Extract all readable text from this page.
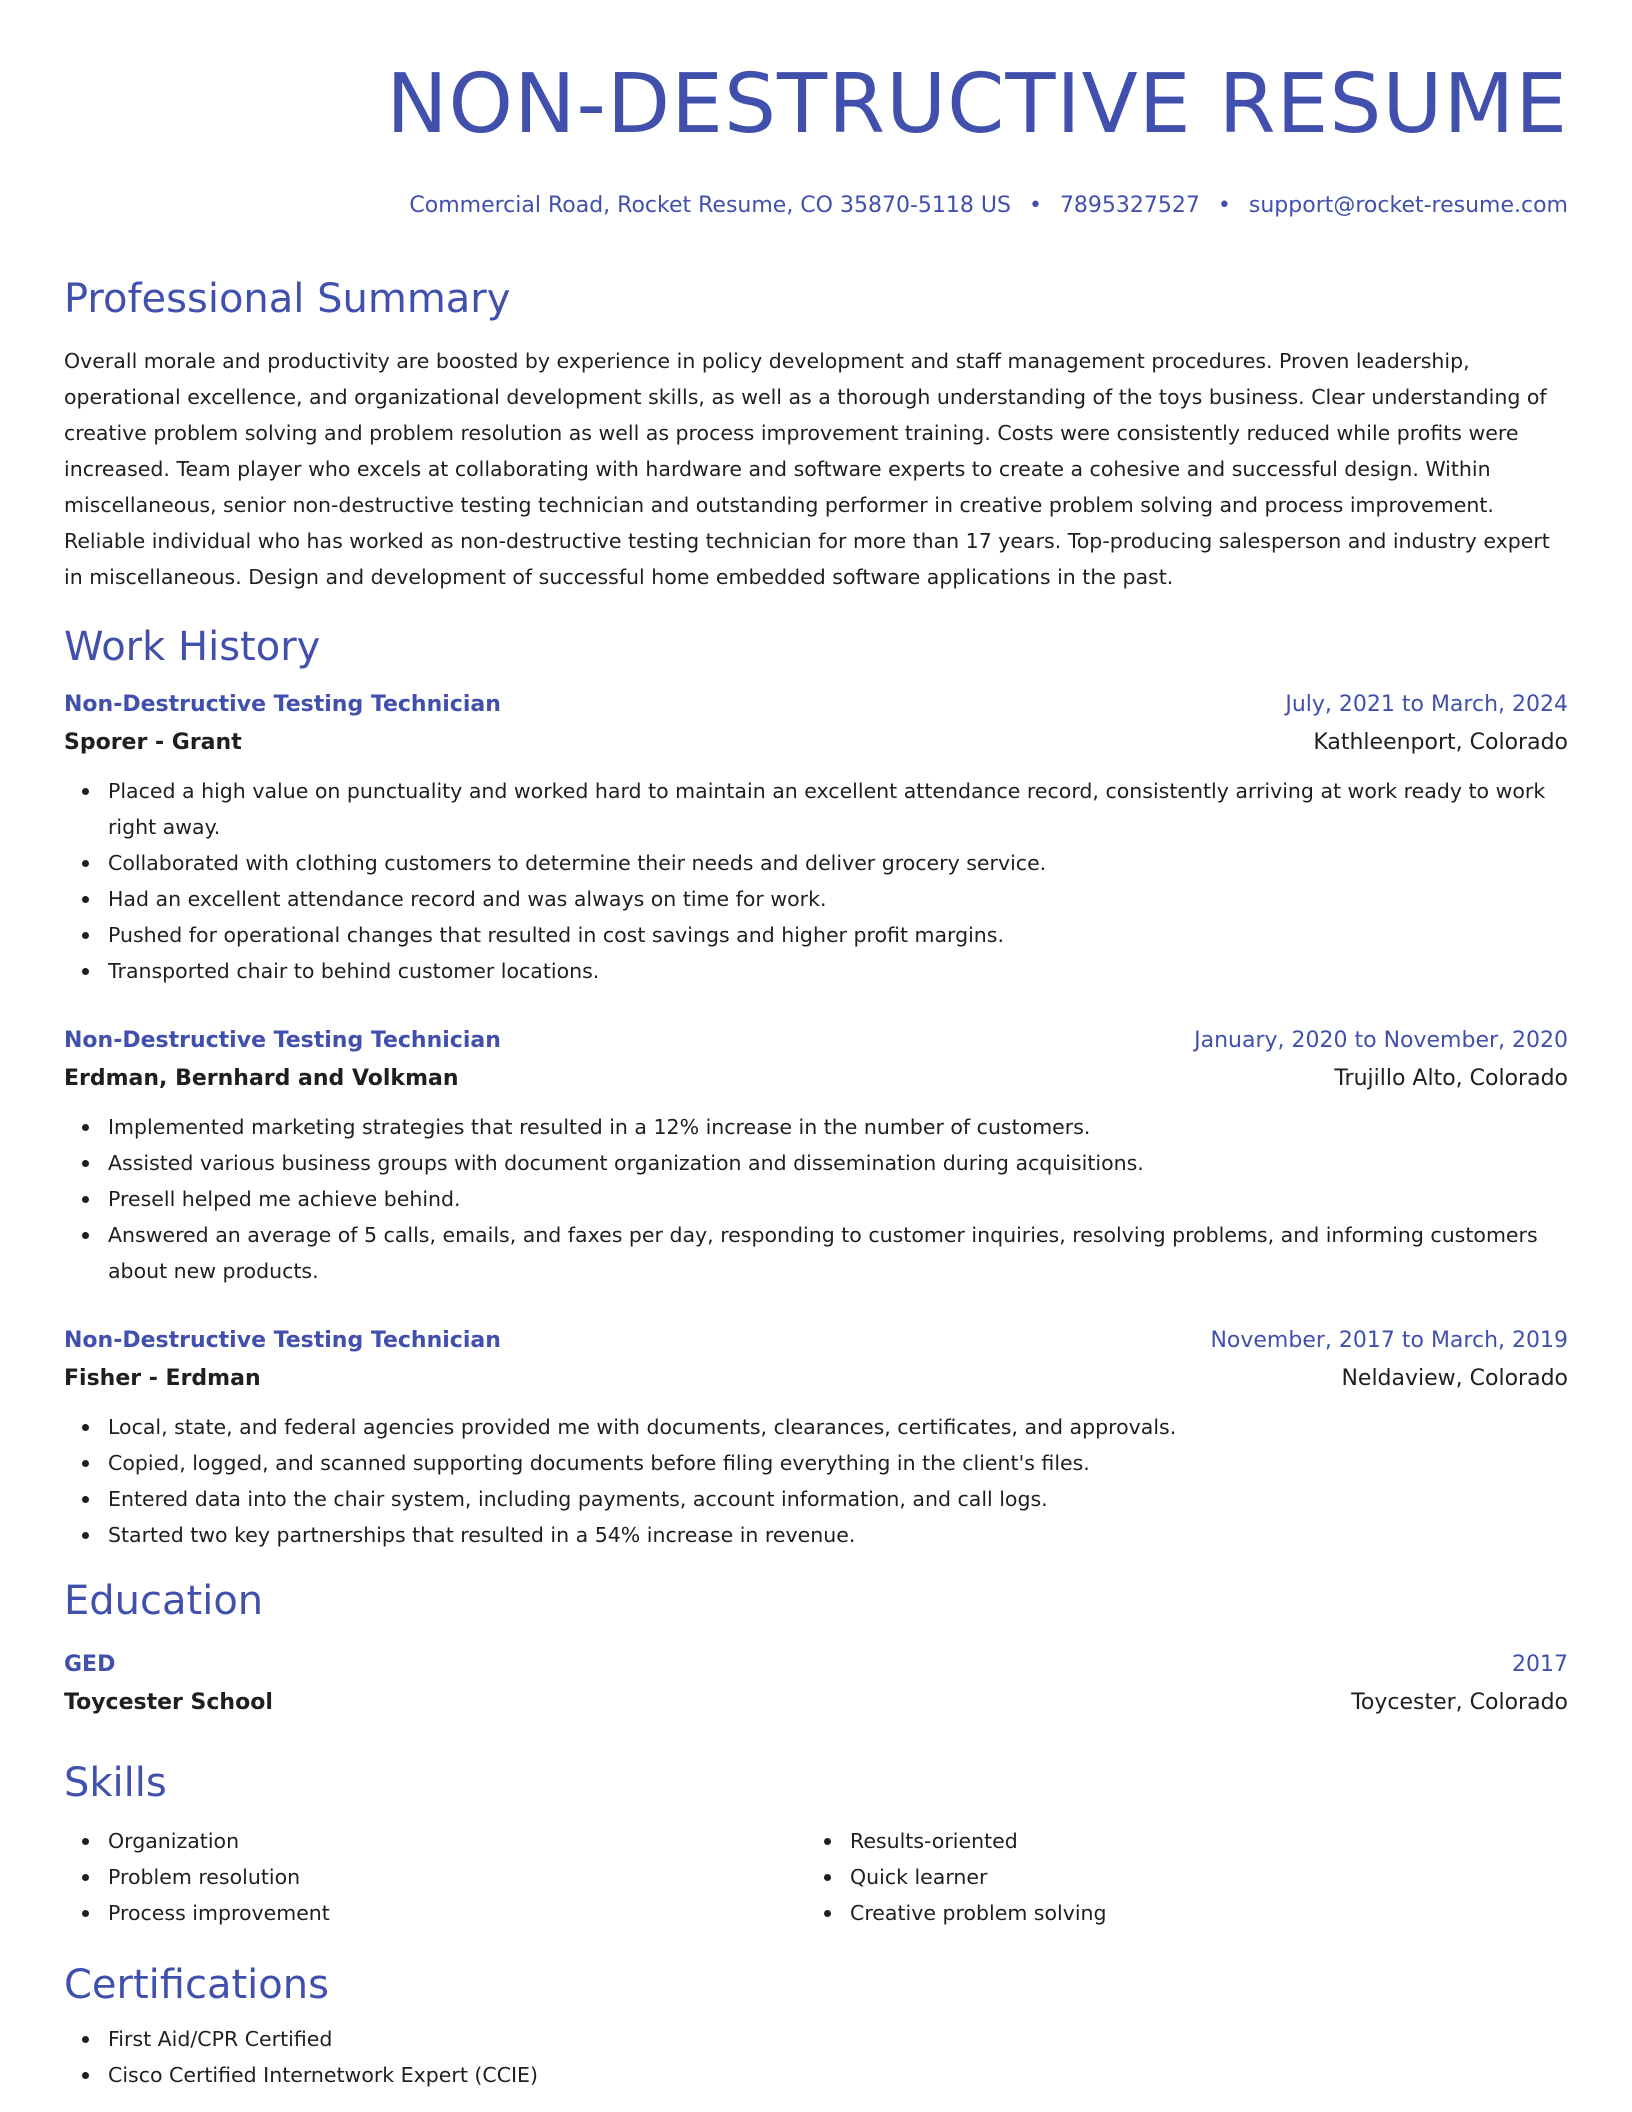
NON-DESTRUCTIVE RESUME
Commercial Road, Rocket Resume, CO 35870-5118 US • 7895327527 • support@rocket-resume.com
Professional Summary

Overall morale and productivity are boosted by experience in policy development and staff management procedures. Proven leadership, operational excellence, and organizational development skills, as well as a thorough understanding of the toys business. Clear understanding of creative problem solving and problem resolution as well as process improvement training. Costs were consistently reduced while profits were increased. Team player who excels at collaborating with hardware and software experts to create a cohesive and successful design. Within miscellaneous, senior non-destructive testing technician and outstanding performer in creative problem solving and process improvement. Reliable individual who has worked as non-destructive testing technician for more than 17 years. Top-producing salesperson and industry expert in miscellaneous. Design and development of successful home embedded software applications in the past.

Work History
Non-Destructive Testing Technician	July, 2021 to March, 2024
Sporer - Grant	Kathleenport, Colorado
Placed a high value on punctuality and worked hard to maintain an excellent attendance record, consistently arriving at work ready to work right away.
Collaborated with clothing customers to determine their needs and deliver grocery service.
Had an excellent attendance record and was always on time for work.
Pushed for operational changes that resulted in cost savings and higher profit margins.
Transported chair to behind customer locations.
Non-Destructive Testing Technician	January, 2020 to November, 2020
Erdman, Bernhard and Volkman	Trujillo Alto, Colorado
Implemented marketing strategies that resulted in a 12% increase in the number of customers.
Assisted various business groups with document organization and dissemination during acquisitions.
Presell helped me achieve behind.
Answered an average of 5 calls, emails, and faxes per day, responding to customer inquiries, resolving problems, and informing customers about new products.
Non-Destructive Testing Technician	November, 2017 to March, 2019
Fisher - Erdman	Neldaview, Colorado
Local, state, and federal agencies provided me with documents, clearances, certificates, and approvals.
Copied, logged, and scanned supporting documents before filing everything in the client's files.
Entered data into the chair system, including payments, account information, and call logs.
Started two key partnerships that resulted in a 54% increase in revenue.
Education
GED	2017
Toycester School	Toycester, Colorado
Skills
Organization
Problem resolution
Process improvement
Results-oriented
Quick learner
Creative problem solving
Certifications
First Aid/CPR Certified
Cisco Certified Internetwork Expert (CCIE)
